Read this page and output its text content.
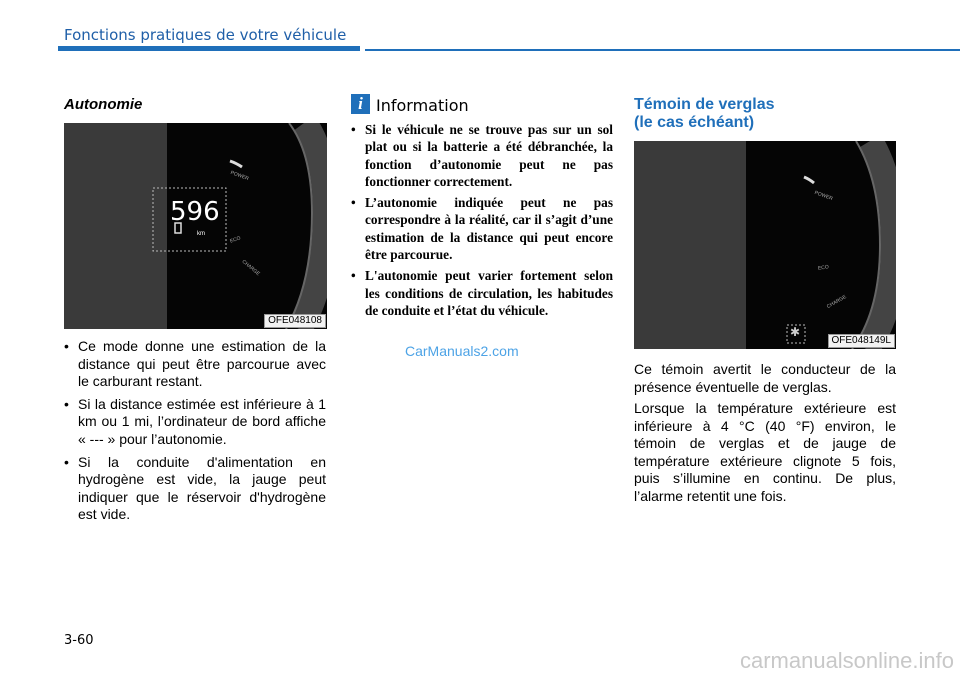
Fonctions pratiques de votre véhicule
Autonomie
596
km
POWER
ECO
CHARGE
OFE048108
• Ce mode donne une estimation de la distance qui peut être parcourue avec le carburant restant.
• Si la distance estimée est inférieure à 1 km ou 1 mi, l’ordinateur de bord affiche « --- » pour l’autonomie.
• Si la conduite d'alimentation en hydrogène est vide, la jauge peut indiquer que le réservoir d'hydrogène est vide.
i Information
• Si le véhicule ne se trouve pas sur un sol plat ou si la batterie a été débranchée, la fonction d’autonomie peut ne pas fonctionner correctement.
• L’autonomie indiquée peut ne pas correspondre à la réalité, car il s’agit d’une estimation de la distance qui peut encore être parcourue.
• L'autonomie peut varier fortement selon les conditions de circulation, les habitudes de conduite et l’état du véhicule.
CarManuals2.com
Témoin de verglas
(le cas échéant)
✱
POWER
ECO
CHARGE
OFE048149L

Ce témoin avertit le conducteur de la présence éventuelle de verglas.

Lorsque la température extérieure est inférieure à 4 °C (40 °F) environ, le témoin de verglas et de jauge de température extérieure clignote 5 fois, puis s’illumine en continu. De plus, l’alarme retentit une fois.

3-60
carmanualsonline.info
